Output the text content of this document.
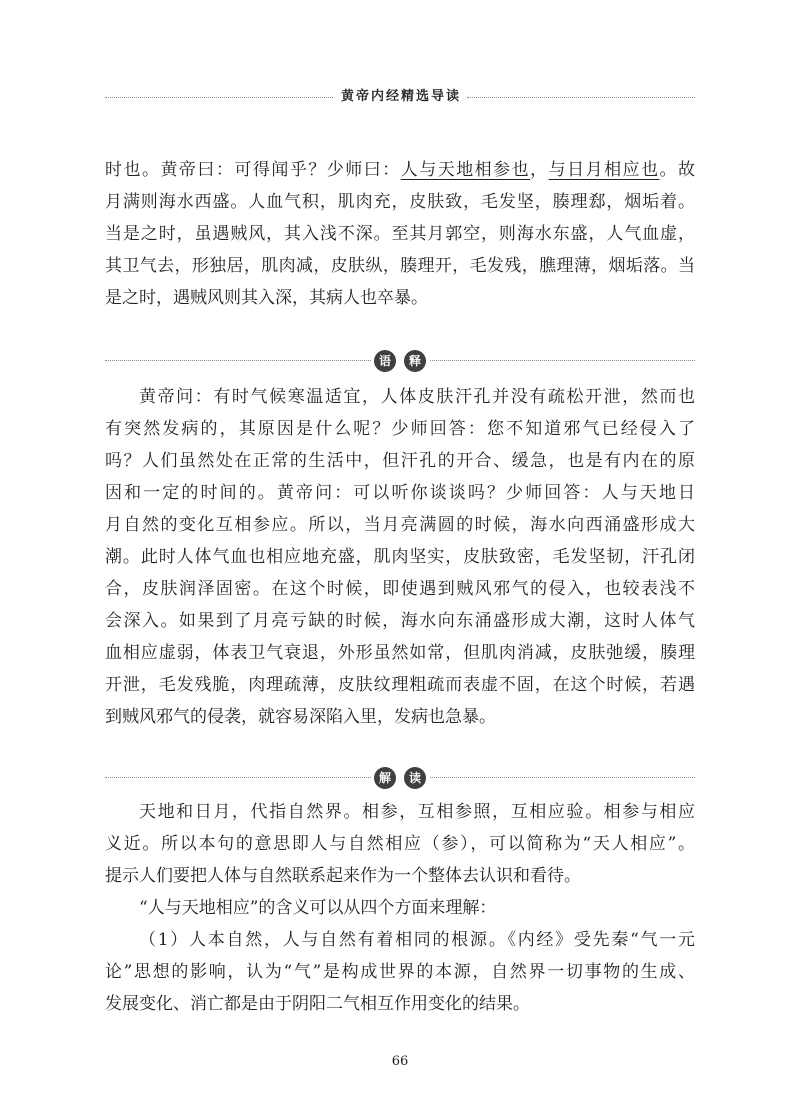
黄帝内经精选导读
时也。黄帝曰：可得闻乎？少师曰：人与天地相参也，与日月相应也。故
月满则海水西盛。人血气积，肌肉充，皮肤致，毛发坚，腠理郄，烟垢着。
当是之时，虽遇贼风，其入浅不深。至其月郭空，则海水东盛，人气血虚，
其卫气去，形独居，肌肉减，皮肤纵，腠理开，毛发残，膲理薄，烟垢落。当
是之时，遇贼风则其入深，其病人也卒暴。
语	释
黄帝问：有时气候寒温适宜，人体皮肤汗孔并没有疏松开泄，然而也
有突然发病的，其原因是什么呢？少师回答：您不知道邪气已经侵入了
吗？人们虽然处在正常的生活中，但汗孔的开合、缓急，也是有内在的原
因和一定的时间的。黄帝问：可以听你谈谈吗？少师回答：人与天地日
月自然的变化互相参应。所以，当月亮满圆的时候，海水向西涌盛形成大
潮。此时人体气血也相应地充盛，肌肉坚实，皮肤致密，毛发坚韧，汗孔闭
合，皮肤润泽固密。在这个时候，即使遇到贼风邪气的侵入，也较表浅不
会深入。如果到了月亮亏缺的时候，海水向东涌盛形成大潮，这时人体气
血相应虚弱，体表卫气衰退，外形虽然如常，但肌肉消减，皮肤弛缓，腠理
开泄，毛发残脆，肉理疏薄，皮肤纹理粗疏而表虚不固，在这个时候，若遇
到贼风邪气的侵袭，就容易深陷入里，发病也急暴。
解	读
天地和日月，代指自然界。相参，互相参照，互相应验。相参与相应
义近。所以本句的意思即人与自然相应（参），可以简称为“天人相应”。
提示人们要把人体与自然联系起来作为一个整体去认识和看待。
“人与天地相应”的含义可以从四个方面来理解：
（1）人本自然，人与自然有着相同的根源。《内经》受先秦“气一元
论”思想的影响，认为“气”是构成世界的本源，自然界一切事物的生成、
发展变化、消亡都是由于阴阳二气相互作用变化的结果。
66
